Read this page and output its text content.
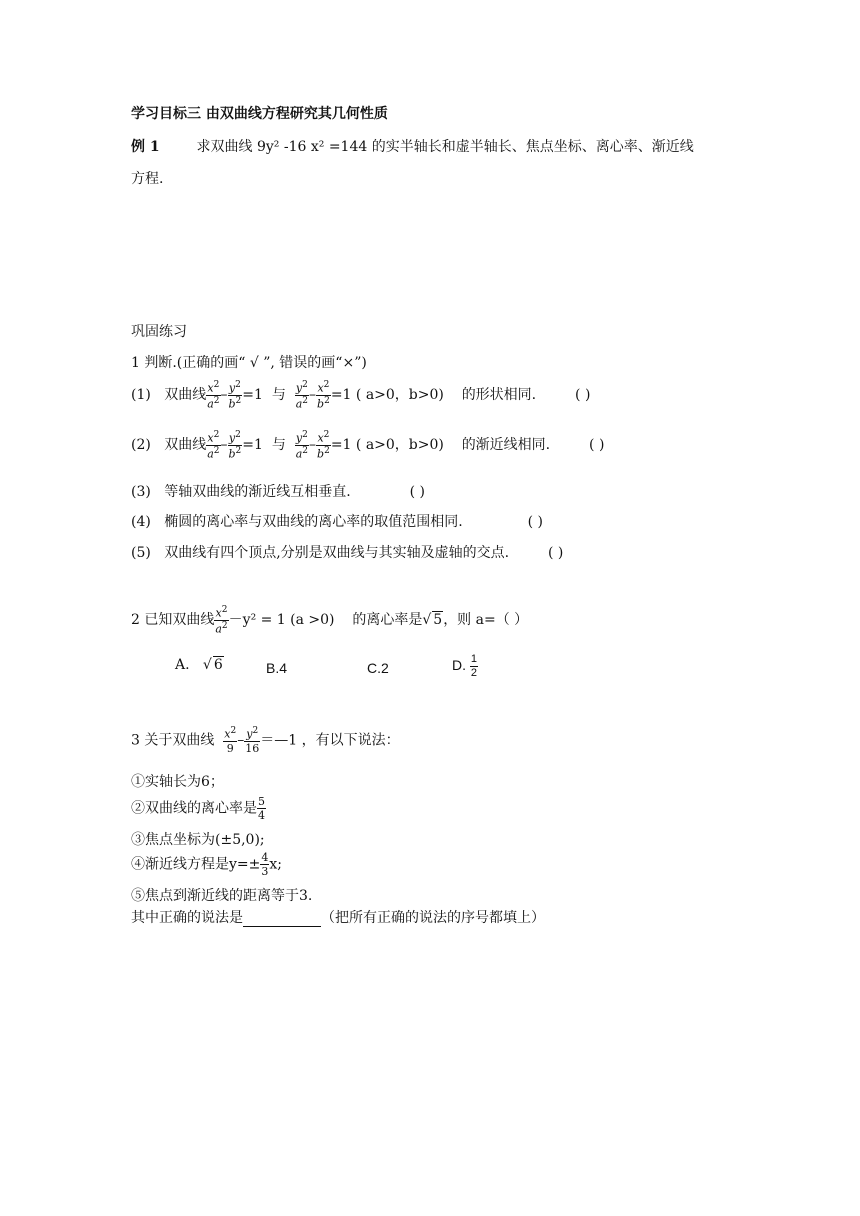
学习目标三 由双曲线方程研究其几何性质
例 1	求双曲线 9y² -16 x² =144 的实半轴长和虚半轴长、焦点坐标、离心率、渐近线
方程.
巩固练习
1 判断.(正确的画“ √ ”, 错误的画“×”)
(1) 双曲线 $\frac{x^2}{a^2} - \frac{y^2}{b^2} =1$  与 $\frac{y^2}{a^2} - \frac{x^2}{b^2} =1$ ( a>0，b>0) 的形状相同.	( )
(2) 双曲线 $\frac{x^2}{a^2} - \frac{y^2}{b^2} =1$  与 $\frac{y^2}{a^2} - \frac{x^2}{b^2} =1$ ( a>0，b>0) 的渐近线相同.	( )
(3) 等轴双曲线的渐近线互相垂直.	( )
(4) 椭圆的离心率与双曲线的离心率的取值范围相同.	( )
(5) 双曲线有四个顶点,分别是双曲线与其实轴及虚轴的交点.	( )
2 已知双曲线 $\frac{x^2}{a^2} -y^2 = 1$ (a >0) 的离心率是√ 5，则 a=（ ）
A.   √ 6	B.4	C.2	D. $\frac{1}{2}$
3 关于双曲线 $\frac{x^2}{9} - \frac{y^2}{16}$ ＝—1 ，有以下说法：
①实轴长为6；
②双曲线的离心率是 $\frac{5}{4}$
③焦点坐标为(±5,0);
④渐近线方程是$y=\pm \frac{4}{3} x$;
⑤焦点到渐近线的距离等于3.
其中正确的说法是	（把所有正确的说法的序号都填上）
